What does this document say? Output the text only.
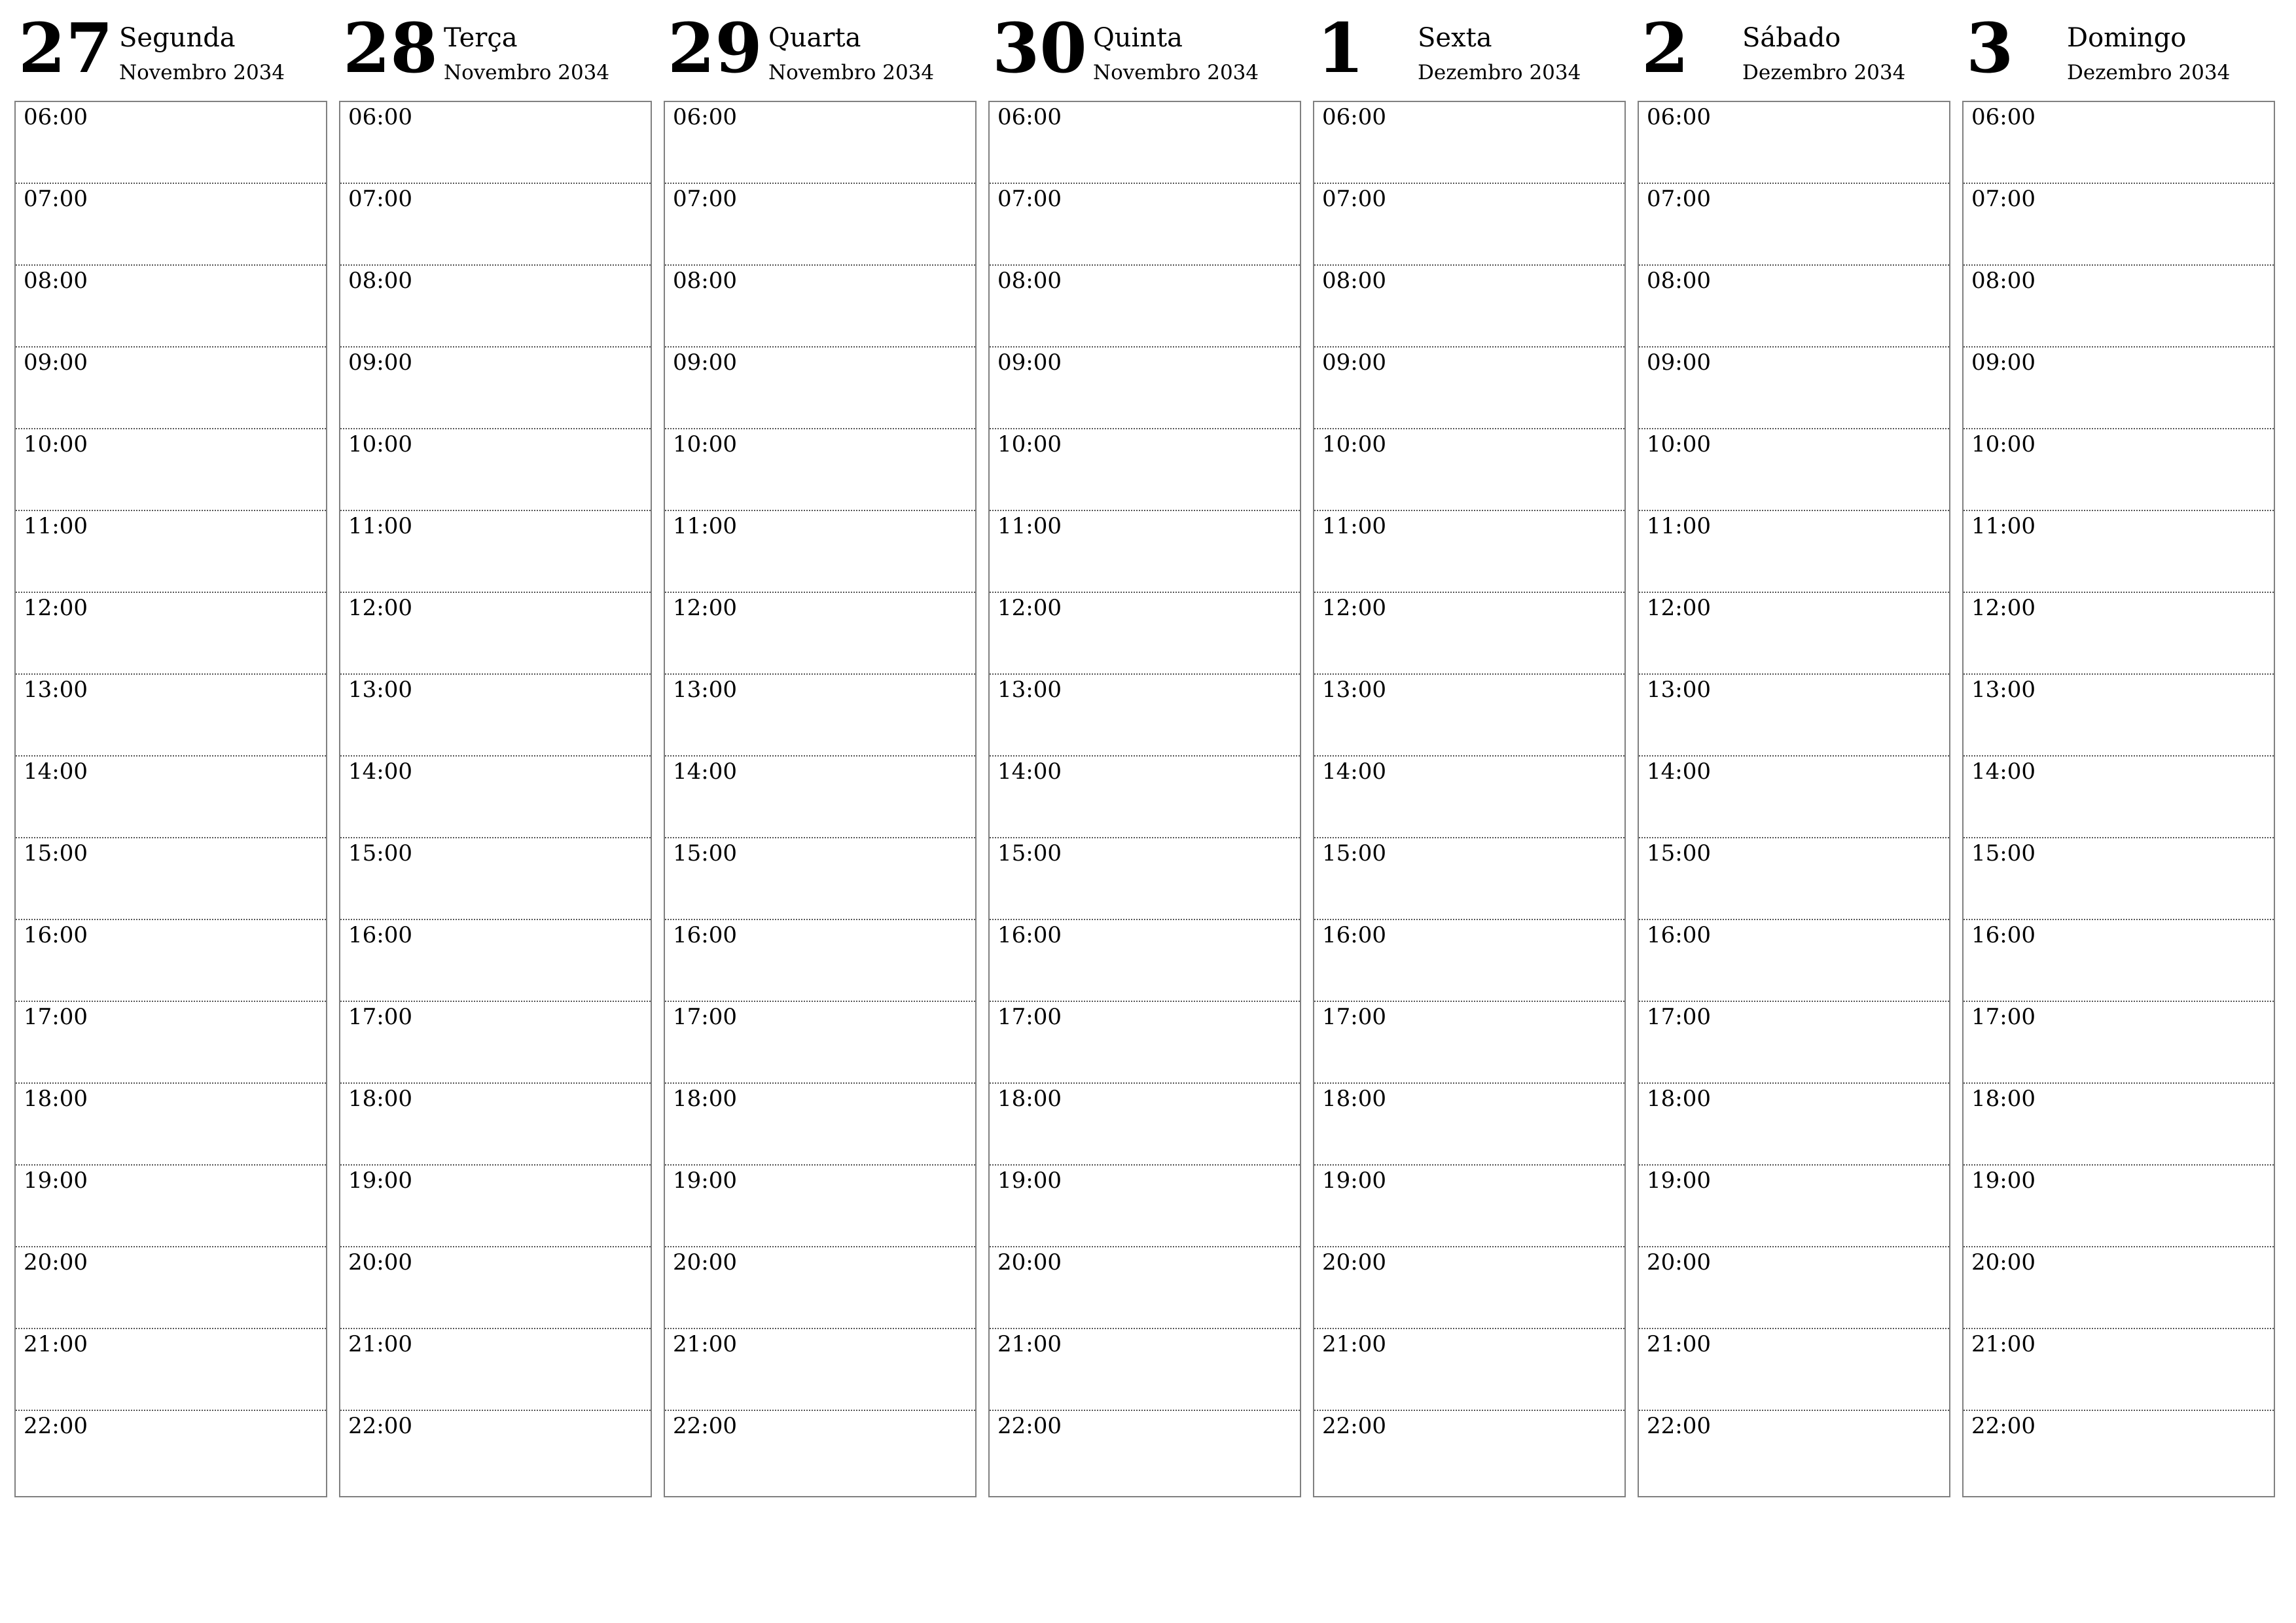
27 Segunda
Novembro 2034
06:00
07:00
08:00
09:00
10:00
11:00
12:00
13:00
14:00
15:00
16:00
17:00
18:00
19:00
20:00
21:00
22:00
28 Terça
Novembro 2034
06:00
07:00
08:00
09:00
10:00
11:00
12:00
13:00
14:00
15:00
16:00
17:00
18:00
19:00
20:00
21:00
22:00
29 Quarta
Novembro 2034
06:00
07:00
08:00
09:00
10:00
11:00
12:00
13:00
14:00
15:00
16:00
17:00
18:00
19:00
20:00
21:00
22:00
30 Quinta
Novembro 2034
06:00
07:00
08:00
09:00
10:00
11:00
12:00
13:00
14:00
15:00
16:00
17:00
18:00
19:00
20:00
21:00
22:00
1 Sexta
Dezembro 2034
06:00
07:00
08:00
09:00
10:00
11:00
12:00
13:00
14:00
15:00
16:00
17:00
18:00
19:00
20:00
21:00
22:00
2 Sábado
Dezembro 2034
06:00
07:00
08:00
09:00
10:00
11:00
12:00
13:00
14:00
15:00
16:00
17:00
18:00
19:00
20:00
21:00
22:00
3 Domingo
Dezembro 2034
06:00
07:00
08:00
09:00
10:00
11:00
12:00
13:00
14:00
15:00
16:00
17:00
18:00
19:00
20:00
21:00
22:00
